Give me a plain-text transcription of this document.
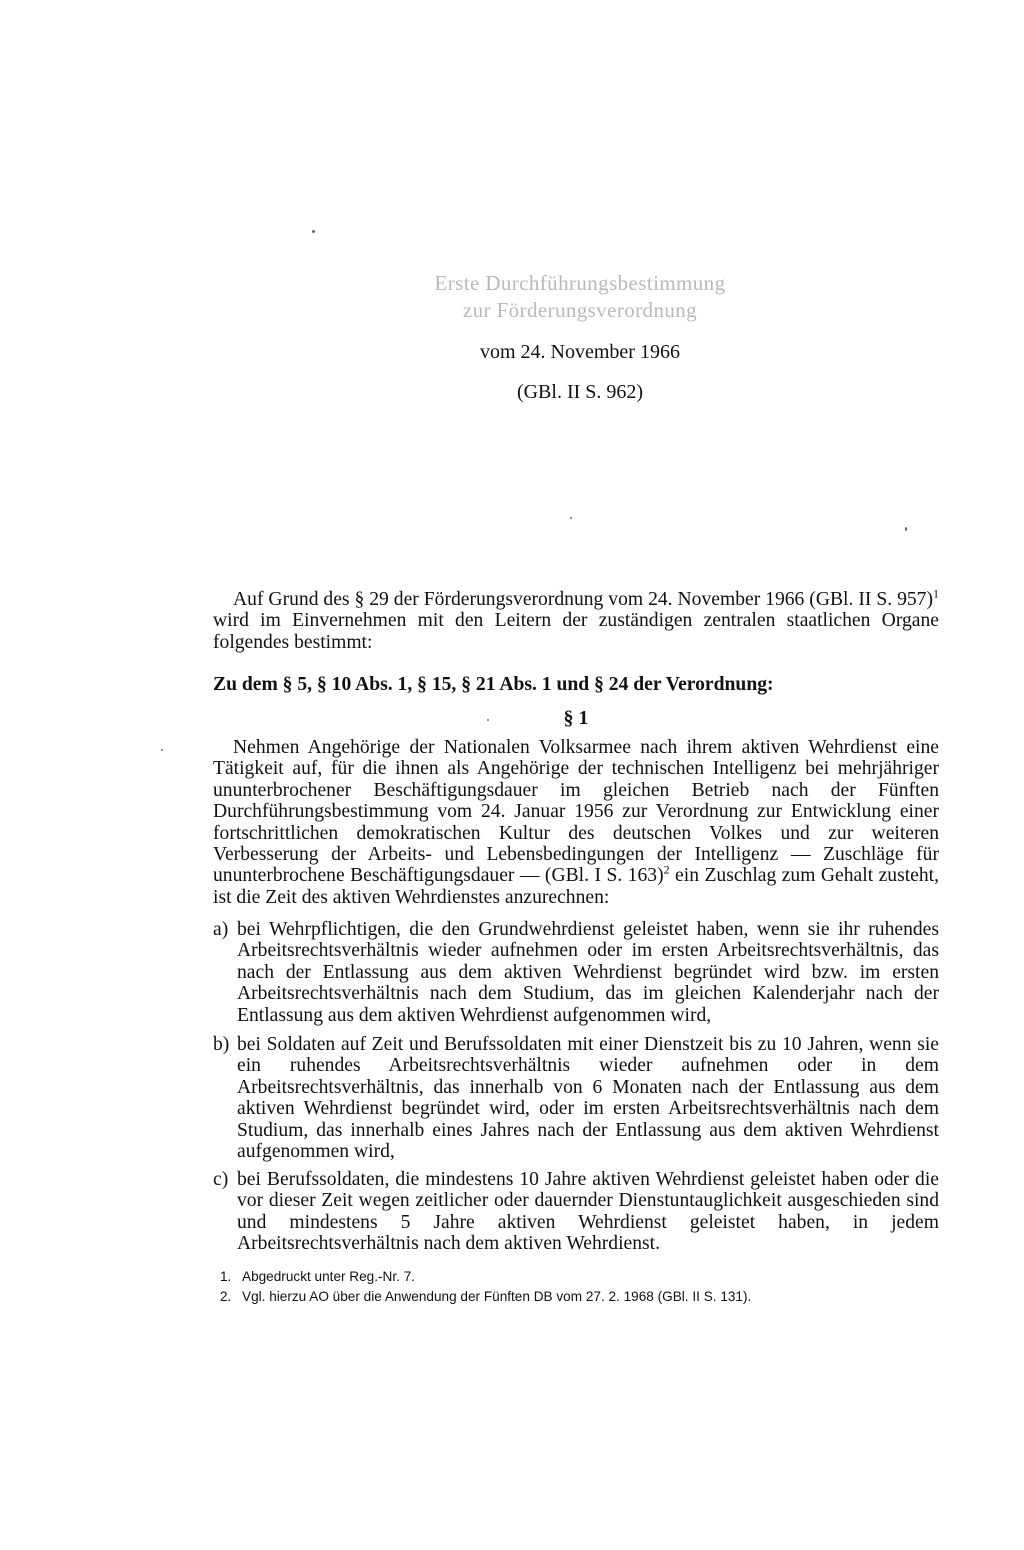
Erste Durchführungsbestimmung
zur Förderungsverordnung
vom 24. November 1966
(GBl. II S. 962)
Auf Grund des § 29 der Förderungsverordnung vom 24. November 1966 (GBl. II S. 957)$^1$ wird im Einvernehmen mit den Leitern der zuständigen zentralen staatlichen Organe folgendes bestimmt:
Zu dem § 5, § 10 Abs. 1, § 15, § 21 Abs. 1 und § 24 der Verordnung:
§ 1
Nehmen Angehörige der Nationalen Volksarmee nach ihrem aktiven Wehrdienst eine Tätigkeit auf, für die ihnen als Angehörige der technischen Intelligenz bei mehrjähriger ununterbrochener Beschäftigungsdauer im gleichen Betrieb nach der Fünften Durchführungsbestimmung vom 24. Januar 1956 zur Verordnung zur Entwicklung einer fortschrittlichen demokratischen Kultur des deutschen Volkes und zur weiteren Verbesserung der Arbeits- und Lebensbedingungen der Intelligenz — Zuschläge für ununterbrochene Beschäftigungsdauer — (GBl. I S. 163)$^2$ ein Zuschlag zum Gehalt zusteht, ist die Zeit des aktiven Wehrdienstes anzurechnen:
a) bei Wehrpflichtigen, die den Grundwehrdienst geleistet haben, wenn sie ihr ruhendes Arbeitsrechtsverhältnis wieder aufnehmen oder im ersten Arbeitsrechtsverhältnis, das nach der Entlassung aus dem aktiven Wehrdienst begründet wird bzw. im ersten Arbeitsrechtsverhältnis nach dem Studium, das im gleichen Kalenderjahr nach der Entlassung aus dem aktiven Wehrdienst aufgenommen wird,
b) bei Soldaten auf Zeit und Berufssoldaten mit einer Dienstzeit bis zu 10 Jahren, wenn sie ein ruhendes Arbeitsrechtsverhältnis wieder aufnehmen oder in dem Arbeitsrechtsverhältnis, das innerhalb von 6 Monaten nach der Entlassung aus dem aktiven Wehrdienst begründet wird, oder im ersten Arbeitsrechtsverhältnis nach dem Studium, das innerhalb eines Jahres nach der Entlassung aus dem aktiven Wehrdienst aufgenommen wird,
c) bei Berufssoldaten, die mindestens 10 Jahre aktiven Wehrdienst geleistet haben oder die vor dieser Zeit wegen zeitlicher oder dauernder Dienstuntauglichkeit ausgeschieden sind und mindestens 5 Jahre aktiven Wehrdienst geleistet haben, in jedem Arbeitsrechtsverhältnis nach dem aktiven Wehrdienst.
1. Abgedruckt unter Reg.-Nr. 7.
2. Vgl. hierzu AO über die Anwendung der Fünften DB vom 27. 2. 1968 (GBl. II S. 131).
